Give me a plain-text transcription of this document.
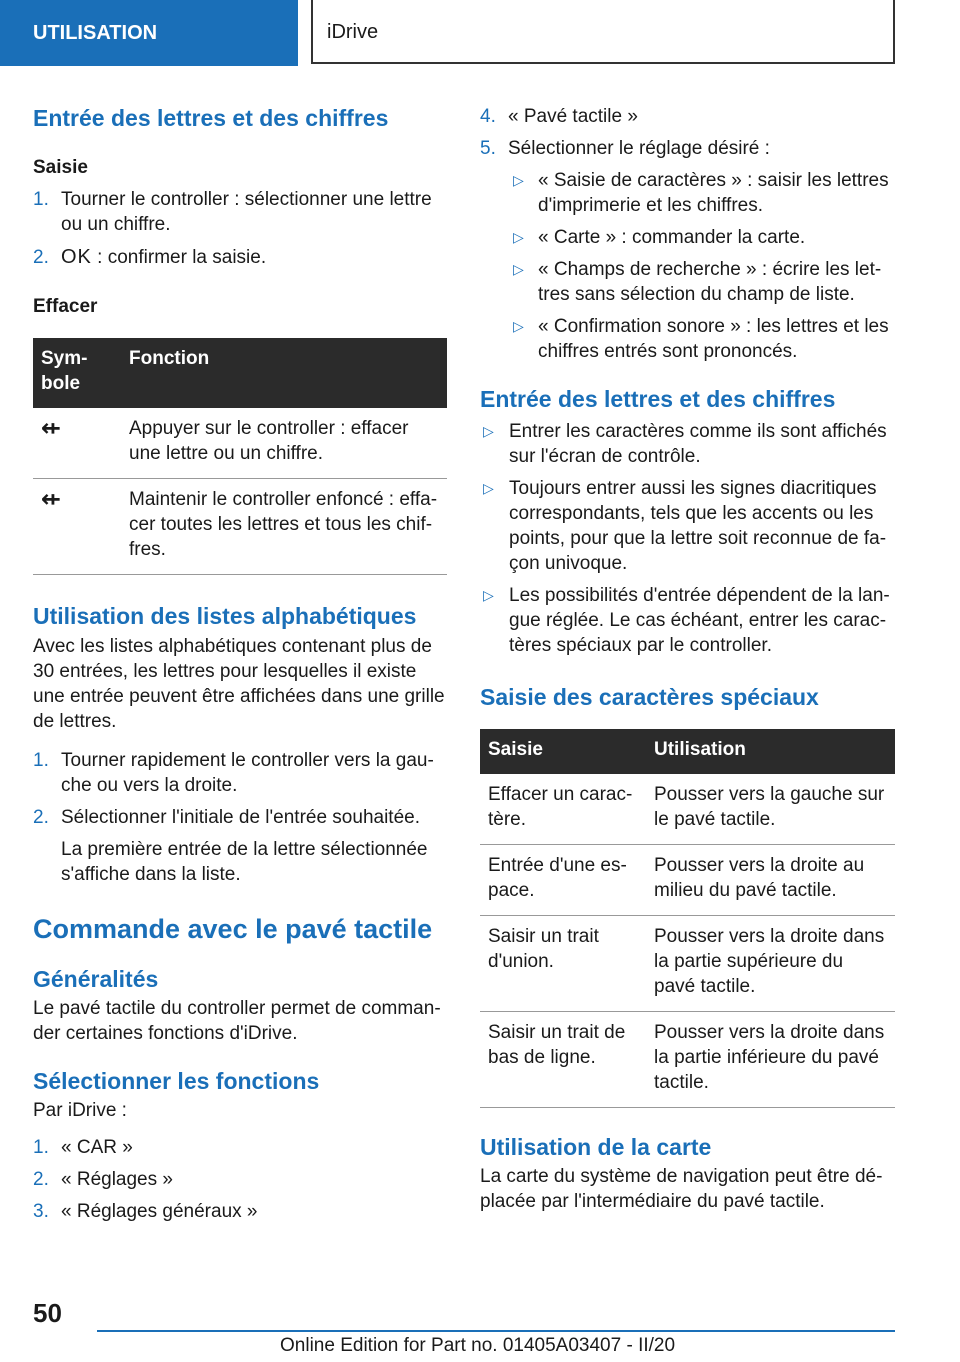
UTILISATION	iDrive
Entrée des lettres et des chiffres

Saisie

1. Tourner le controller : sélectionner une lettre ou un chiffre.
2. OK : confirmer la saisie.

Effacer

Sym-bole	Fonction
⇷	Appuyer sur le controller : effacer une lettre ou un chiffre.
⇷	Maintenir le controller enfoncé : effa-cer toutes les lettres et tous les chif-fres.
Utilisation des listes alphabétiques

Avec les listes alphabétiques contenant plus de 30 entrées, les lettres pour lesquelles il existe une entrée peuvent être affichées dans une grille de lettres.

1. Tourner rapidement le controller vers la gau-che ou vers la droite.
2. Sélectionner l'initiale de l'entrée souhaitée.

La première entrée de la lettre sélectionnée s'affiche dans la liste.

Commande avec le pavé tactile
Généralités

Le pavé tactile du controller permet de comman-der certaines fonctions d'iDrive.

Sélectionner les fonctions

Par iDrive :

1. « CAR »
2. « Réglages »
3. « Réglages généraux »
4. « Pavé tactile »
5. Sélectionner le réglage désiré :
▷ « Saisie de caractères » : saisir les lettres d'imprimerie et les chiffres.
▷ « Carte » : commander la carte.
▷ « Champs de recherche » : écrire les let-tres sans sélection du champ de liste.
▷ « Confirmation sonore » : les lettres et les chiffres entrés sont prononcés.
Entrée des lettres et des chiffres
▷ Entrer les caractères comme ils sont affichés sur l'écran de contrôle.
▷ Toujours entrer aussi les signes diacritiques correspondants, tels que les accents ou les points, pour que la lettre soit reconnue de fa-çon univoque.
▷ Les possibilités d'entrée dépendent de la lan-gue réglée. Le cas échéant, entrer les carac-tères spéciaux par le controller.
Saisie des caractères spéciaux
Saisie	Utilisation
Effacer un carac-tère.	Pousser vers la gauche sur le pavé tactile.
Entrée d'une es-pace.	Pousser vers la droite au milieu du pavé tactile.
Saisir un trait d'union.	Pousser vers la droite dans la partie supérieure du pavé tactile.
Saisir un trait de bas de ligne.	Pousser vers la droite dans la partie inférieure du pavé tactile.
Utilisation de la carte

La carte du système de navigation peut être dé-placée par l'intermédiaire du pavé tactile.

50
Online Edition for Part no. 01405A03407 - II/20
